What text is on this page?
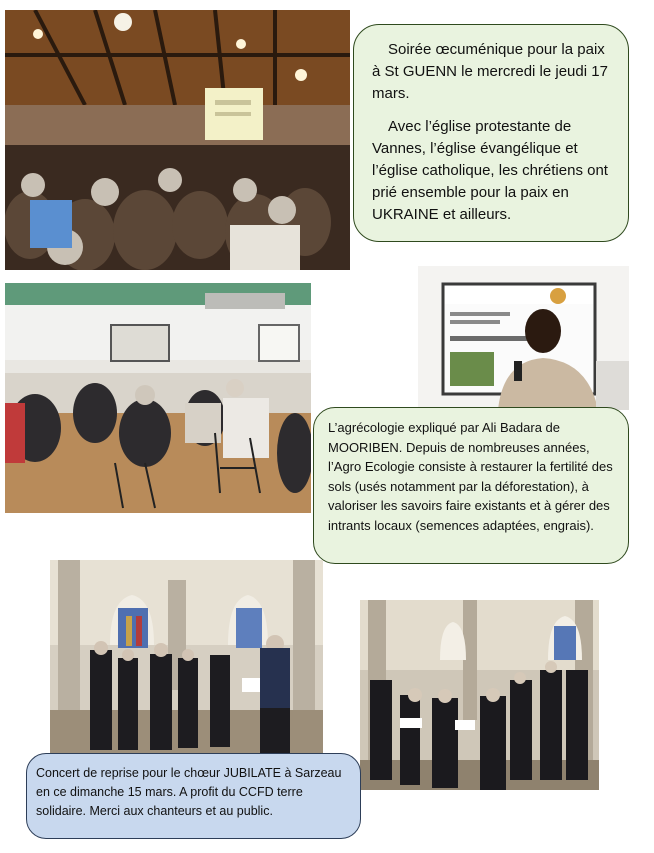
Soirée œcuménique pour la paix à St GUENN le mercredi le jeudi 17 mars.

Avec l’église protestante de Vannes, l’église évangélique et l’église catholique, les chrétiens ont prié ensemble pour la paix en UKRAINE et ailleurs.

L’agrécologie expliqué par Ali Badara de MOORIBEN. Depuis de nombreuses années, l’Agro Ecologie consiste à restaurer la fertilité des sols (usés notamment par la déforestation), à valoriser les savoirs faire existants et à gérer des intrants locaux (semences adaptées, engrais).

Concert de reprise pour le chœur JUBILATE à Sarzeau en ce dimanche 15 mars. A profit du CCFD terre solidaire. Merci aux chanteurs et au public.
